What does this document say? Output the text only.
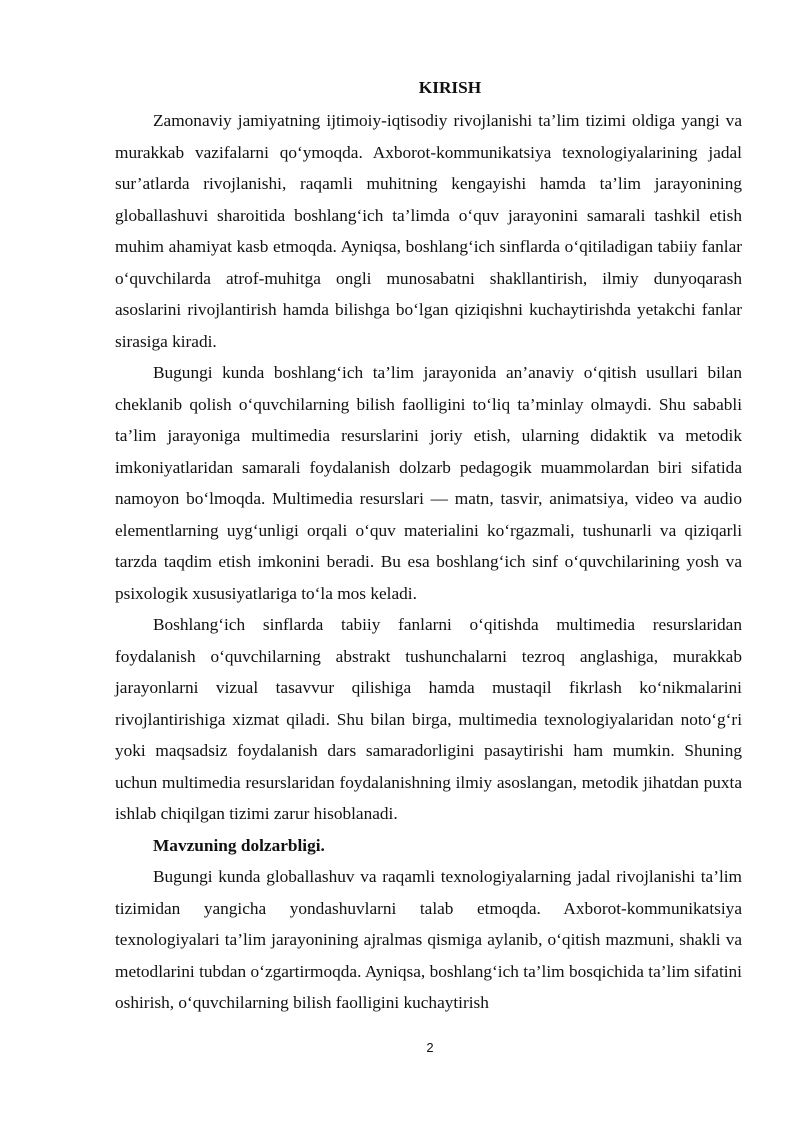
KIRISH

Zamonaviy jamiyatning ijtimoiy-iqtisodiy rivojlanishi ta’lim tizimi oldiga yangi va murakkab vazifalarni qo‘ymoqda. Axborot-kommunikatsiya texnologiyalarining jadal sur’atlarda rivojlanishi, raqamli muhitning kengayishi hamda ta’lim jarayonining globallashuvi sharoitida boshlang‘ich ta’limda o‘quv jarayonini samarali tashkil etish muhim ahamiyat kasb etmoqda. Ayniqsa, boshlang‘ich sinflarda o‘qitiladigan tabiiy fanlar o‘quvchilarda atrof-muhitga ongli munosabatni shakllantirish, ilmiy dunyoqarash asoslarini rivojlantirish hamda bilishga bo‘lgan qiziqishni kuchaytirishda yetakchi fanlar sirasiga kiradi.

Bugungi kunda boshlang‘ich ta’lim jarayonida an’anaviy o‘qitish usullari bilan cheklanib qolish o‘quvchilarning bilish faolligini to‘liq ta’minlay olmaydi. Shu sababli ta’lim jarayoniga multimedia resurslarini joriy etish, ularning didaktik va metodik imkoniyatlaridan samarali foydalanish dolzarb pedagogik muammolardan biri sifatida namoyon bo‘lmoqda. Multimedia resurslari — matn, tasvir, animatsiya, video va audio elementlarning uyg‘unligi orqali o‘quv materialini ko‘rgazmali, tushunarli va qiziqarli tarzda taqdim etish imkonini beradi. Bu esa boshlang‘ich sinf o‘quvchilarining yosh va psixologik xususiyatlariga to‘la mos keladi.

Boshlang‘ich sinflarda tabiiy fanlarni o‘qitishda multimedia resurslaridan foydalanish o‘quvchilarning abstrakt tushunchalarni tezroq anglashiga, murakkab jarayonlarni vizual tasavvur qilishiga hamda mustaqil fikrlash ko‘nikmalarini rivojlantirishiga xizmat qiladi. Shu bilan birga, multimedia texnologiyalaridan noto‘g‘ri yoki maqsadsiz foydalanish dars samaradorligini pasaytirishi ham mumkin. Shuning uchun multimedia resurslaridan foydalanishning ilmiy asoslangan, metodik jihatdan puxta ishlab chiqilgan tizimi zarur hisoblanadi.

Mavzuning dolzarbligi.

Bugungi kunda globallashuv va raqamli texnologiyalarning jadal rivojlanishi ta’lim tizimidan yangicha yondashuvlarni talab etmoqda. Axborot-kommunikatsiya texnologiyalari ta’lim jarayonining ajralmas qismiga aylanib, o‘qitish mazmuni, shakli va metodlarini tubdan o‘zgartirmoqda. Ayniqsa, boshlang‘ich ta’lim bosqichida ta’lim sifatini oshirish, o‘quvchilarning bilish faolligini kuchaytirish

2
